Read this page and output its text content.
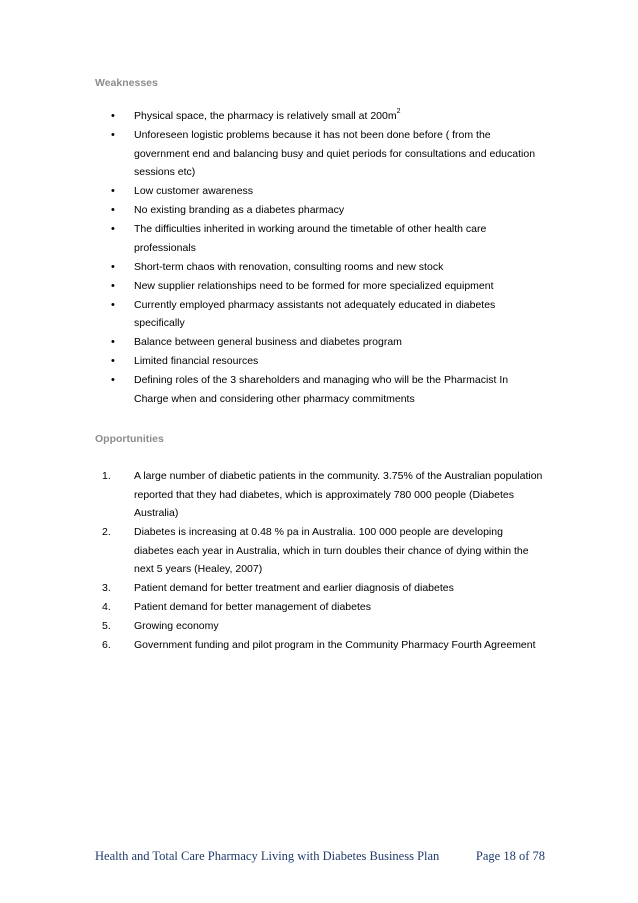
Weaknesses
•	Physical space, the pharmacy is relatively small at $200m^2$
•	Unforeseen logistic problems because it has not been done before ( from the government end and balancing busy and quiet periods for consultations and education sessions etc)
•	Low customer awareness
•	No existing branding as a diabetes pharmacy
•	The difficulties inherited in working around the timetable of other health care professionals
•	Short-term chaos with renovation, consulting rooms and new stock
•	New supplier relationships need to be formed for more specialized equipment
•	Currently employed pharmacy assistants not adequately educated in diabetes specifically
•	Balance between general business and diabetes program
•	Limited financial resources
•	Defining roles of the 3 shareholders and managing who will be the Pharmacist In Charge when and considering other pharmacy commitments
Opportunities
1.	A large number of diabetic patients in the community. 3.75% of the Australian population reported that they had diabetes, which is approximately 780 000 people (Diabetes Australia)
2.	Diabetes is increasing at 0.48 % pa in Australia. 100 000 people are developing diabetes each year in Australia, which in turn doubles their chance of dying within the next 5 years (Healey, 2007)
3.	Patient demand for better treatment and earlier diagnosis of diabetes
4.	Patient demand for better management of diabetes
5.	Growing economy
6.	Government funding and pilot program in the Community Pharmacy Fourth Agreement
Health and Total Care Pharmacy Living with Diabetes Business Plan	Page 18 of 78
